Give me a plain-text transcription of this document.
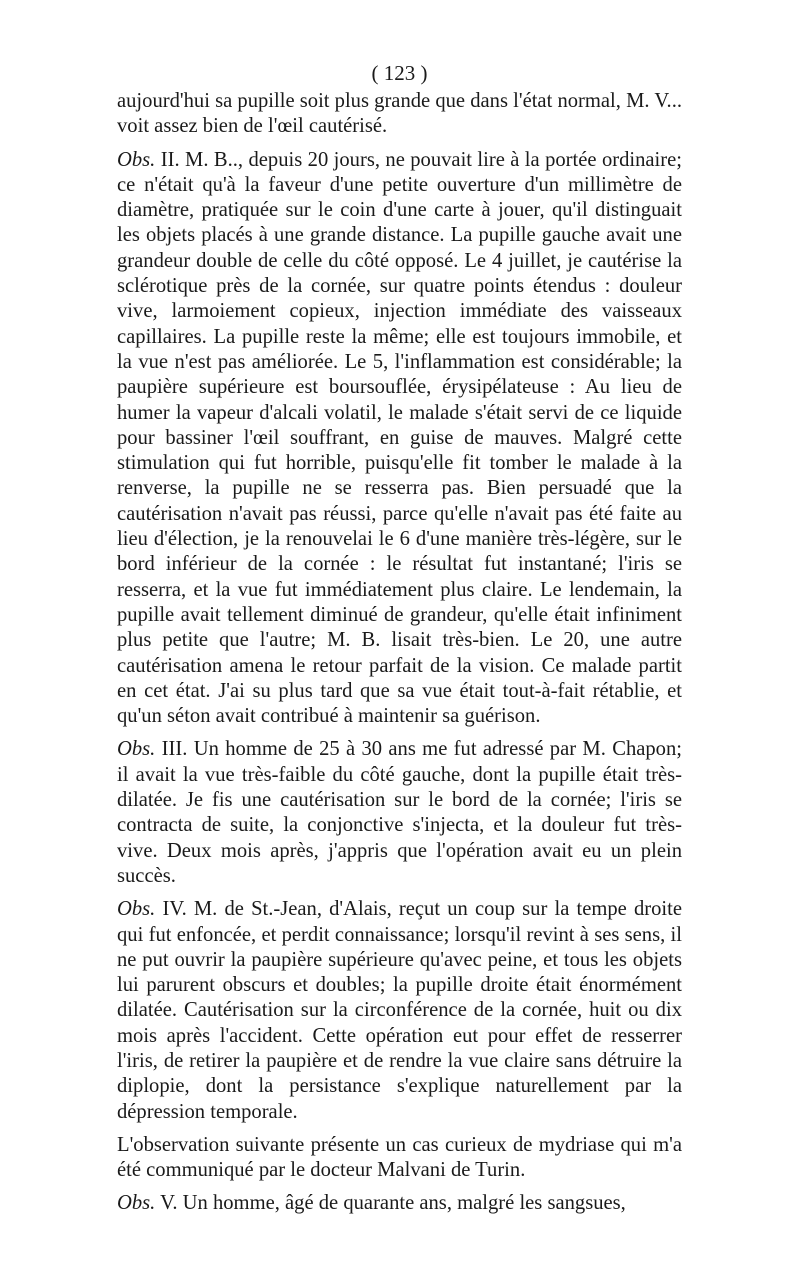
( 123 )

aujourd'hui sa pupille soit plus grande que dans l'état normal, M. V... voit assez bien de l'œil cautérisé.

Obs. II. M. B.., depuis 20 jours, ne pouvait lire à la portée ordinaire; ce n'était qu'à la faveur d'une petite ouverture d'un millimètre de diamètre, pratiquée sur le coin d'une carte à jouer, qu'il distinguait les objets placés à une grande distance. La pupille gauche avait une grandeur double de celle du côté opposé. Le 4 juillet, je cautérise la sclérotique près de la cornée, sur quatre points étendus : douleur vive, larmoiement copieux, injection immédiate des vaisseaux capillaires. La pupille reste la même; elle est toujours immobile, et la vue n'est pas améliorée. Le 5, l'inflammation est considérable; la paupière supérieure est boursouflée, érysipélateuse : Au lieu de humer la vapeur d'alcali volatil, le malade s'était servi de ce liquide pour bassiner l'œil souffrant, en guise de mauves. Malgré cette stimulation qui fut horrible, puisqu'elle fit tomber le malade à la renverse, la pupille ne se resserra pas. Bien persuadé que la cautérisation n'avait pas réussi, parce qu'elle n'avait pas été faite au lieu d'élection, je la renouvelai le 6 d'une manière très-légère, sur le bord inférieur de la cornée : le résultat fut instantané; l'iris se resserra, et la vue fut immédiatement plus claire. Le lendemain, la pupille avait tellement diminué de grandeur, qu'elle était infiniment plus petite que l'autre; M. B. lisait très-bien. Le 20, une autre cautérisation amena le retour parfait de la vision. Ce malade partit en cet état. J'ai su plus tard que sa vue était tout-à-fait rétablie, et qu'un séton avait contribué à maintenir sa guérison.

Obs. III. Un homme de 25 à 30 ans me fut adressé par M. Chapon; il avait la vue très-faible du côté gauche, dont la pupille était très-dilatée. Je fis une cautérisation sur le bord de la cornée; l'iris se contracta de suite, la conjonctive s'injecta, et la douleur fut très-vive. Deux mois après, j'appris que l'opération avait eu un plein succès.

Obs. IV. M. de St.-Jean, d'Alais, reçut un coup sur la tempe droite qui fut enfoncée, et perdit connaissance; lorsqu'il revint à ses sens, il ne put ouvrir la paupière supérieure qu'avec peine, et tous les objets lui parurent obscurs et doubles; la pupille droite était énormément dilatée. Cautérisation sur la circonférence de la cornée, huit ou dix mois après l'accident. Cette opération eut pour effet de resserrer l'iris, de retirer la paupière et de rendre la vue claire sans détruire la diplopie, dont la persistance s'explique naturellement par la dépression temporale.

L'observation suivante présente un cas curieux de mydriase qui m'a été communiqué par le docteur Malvani de Turin.

Obs. V. Un homme, âgé de quarante ans, malgré les sangsues,
